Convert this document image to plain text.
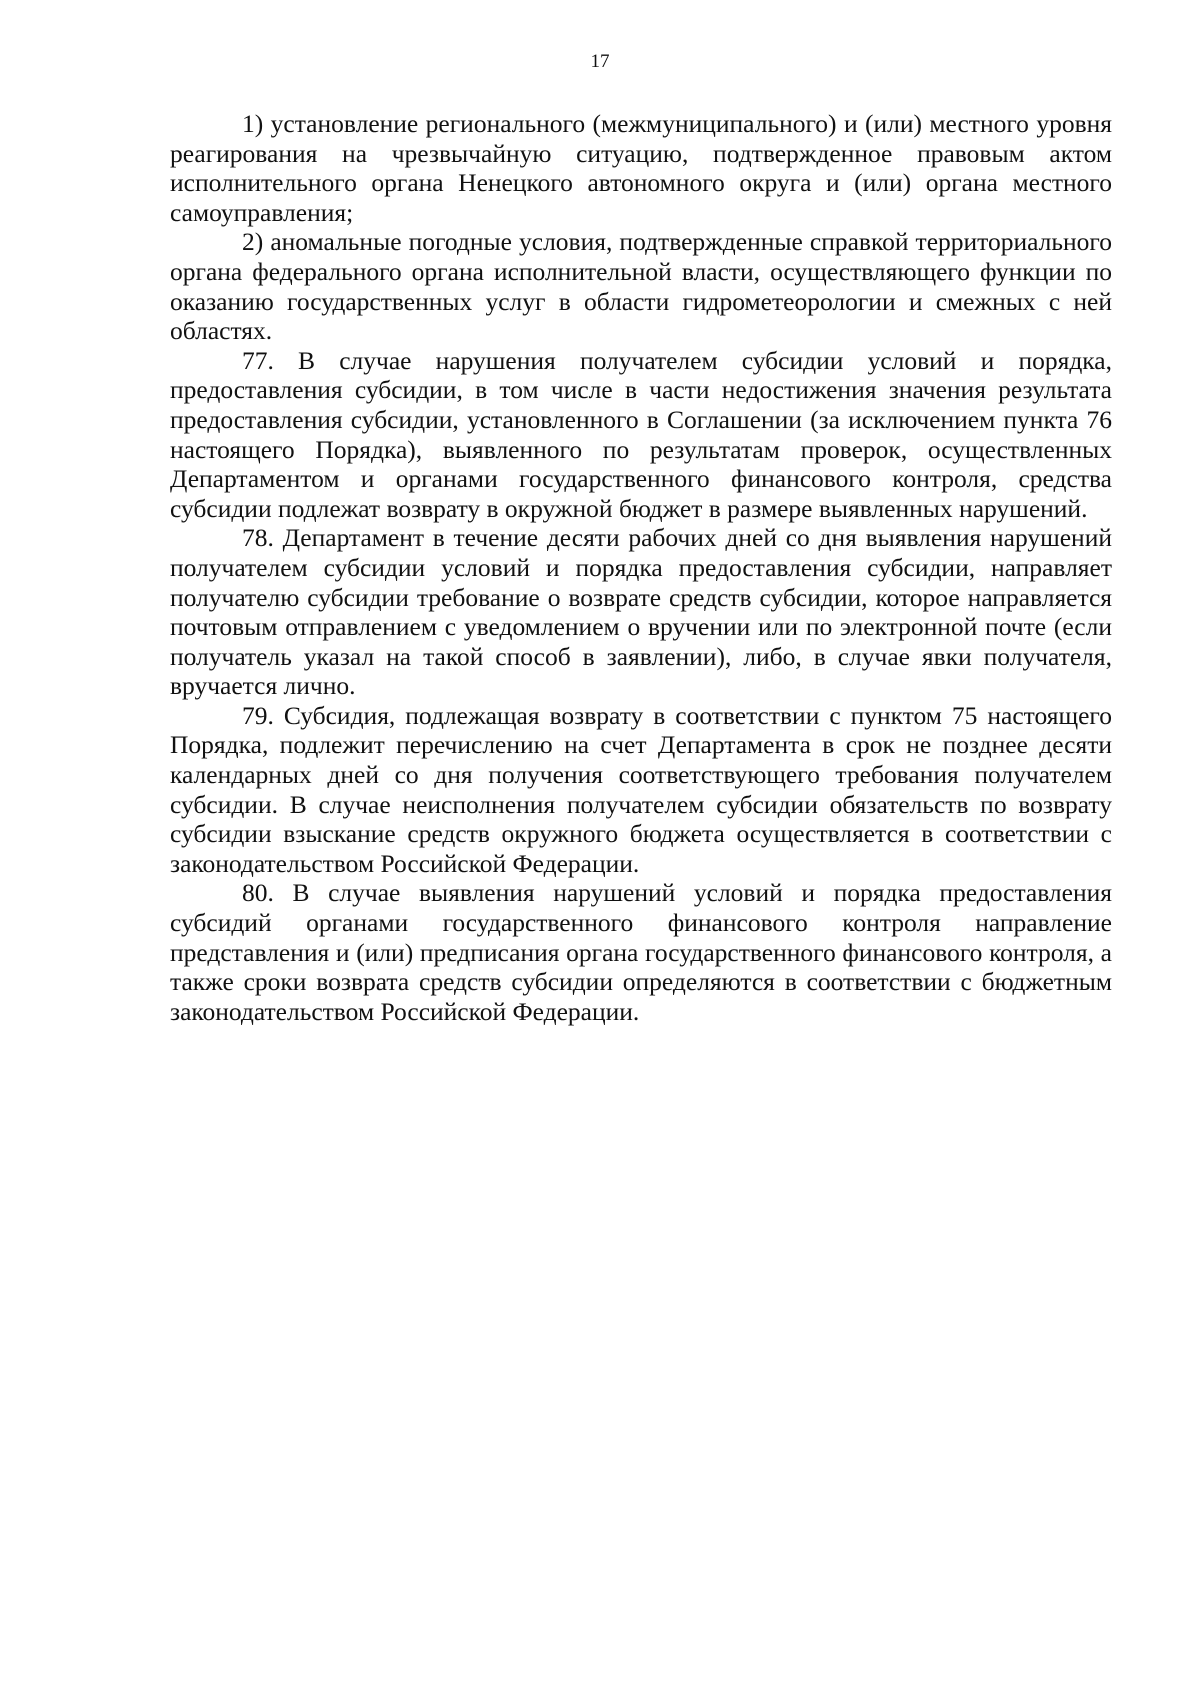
17

1) установление регионального (межмуниципального) и (или) местного уровня реагирования на чрезвычайную ситуацию, подтвержденное правовым актом исполнительного органа Ненецкого автономного округа и (или) органа местного самоуправления;

2) аномальные погодные условия, подтвержденные справкой территориального органа федерального органа исполнительной власти, осуществляющего функции по оказанию государственных услуг в области гидрометеорологии и смежных с ней областях.

77. В случае нарушения получателем субсидии условий и порядка, предоставления субсидии, в том числе в части недостижения значения результата предоставления субсидии, установленного в Соглашении (за исключением пункта 76 настоящего Порядка), выявленного по результатам проверок, осуществленных Департаментом и органами государственного финансового контроля, средства субсидии подлежат возврату в окружной бюджет в размере выявленных нарушений.

78. Департамент в течение десяти рабочих дней со дня выявления нарушений получателем субсидии условий и порядка предоставления субсидии, направляет получателю субсидии требование о возврате средств субсидии, которое направляется почтовым отправлением с уведомлением о вручении или по электронной почте (если получатель указал на такой способ в заявлении), либо, в случае явки получателя, вручается лично.

79. Субсидия, подлежащая возврату в соответствии с пунктом 75 настоящего Порядка, подлежит перечислению на счет Департамента в срок не позднее десяти календарных дней со дня получения соответствующего требования получателем субсидии. В случае неисполнения получателем субсидии обязательств по возврату субсидии взыскание средств окружного бюджета осуществляется в соответствии с законодательством Российской Федерации.

80. В случае выявления нарушений условий и порядка предоставления субсидий органами государственного финансового контроля направление представления и (или) предписания органа государственного финансового контроля, а также сроки возврата средств субсидии определяются в соответствии с бюджетным законодательством Российской Федерации.
